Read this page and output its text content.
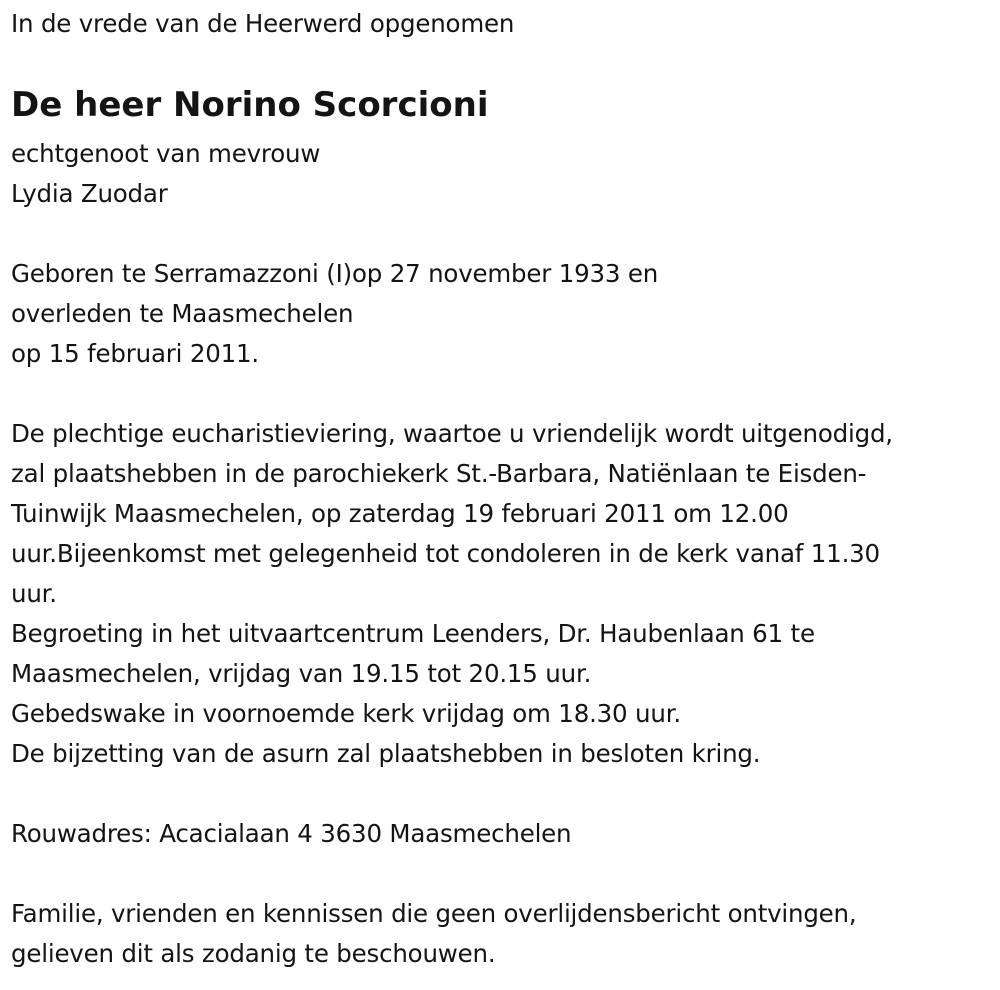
In de vrede van de Heerwerd opgenomen
De heer Norino Scorcioni
echtgenoot van mevrouw
Lydia Zuodar
Geboren te Serramazzoni (I)op 27 november 1933 en
overleden te Maasmechelen
op 15 februari 2011.
De plechtige eucharistieviering, waartoe u vriendelijk wordt uitgenodigd,
zal plaatshebben in de parochiekerk St.-Barbara, Natiënlaan te Eisden-
Tuinwijk Maasmechelen, op zaterdag 19 februari 2011 om 12.00
uur.Bijeenkomst met gelegenheid tot condoleren in de kerk vanaf 11.30
uur.
Begroeting in het uitvaartcentrum Leenders, Dr. Haubenlaan 61 te
Maasmechelen, vrijdag van 19.15 tot 20.15 uur.
Gebedswake in voornoemde kerk vrijdag om 18.30 uur.
De bijzetting van de asurn zal plaatshebben in besloten kring.
Rouwadres: Acacialaan 4 3630 Maasmechelen
Familie, vrienden en kennissen die geen overlijdensbericht ontvingen,
gelieven dit als zodanig te beschouwen.
